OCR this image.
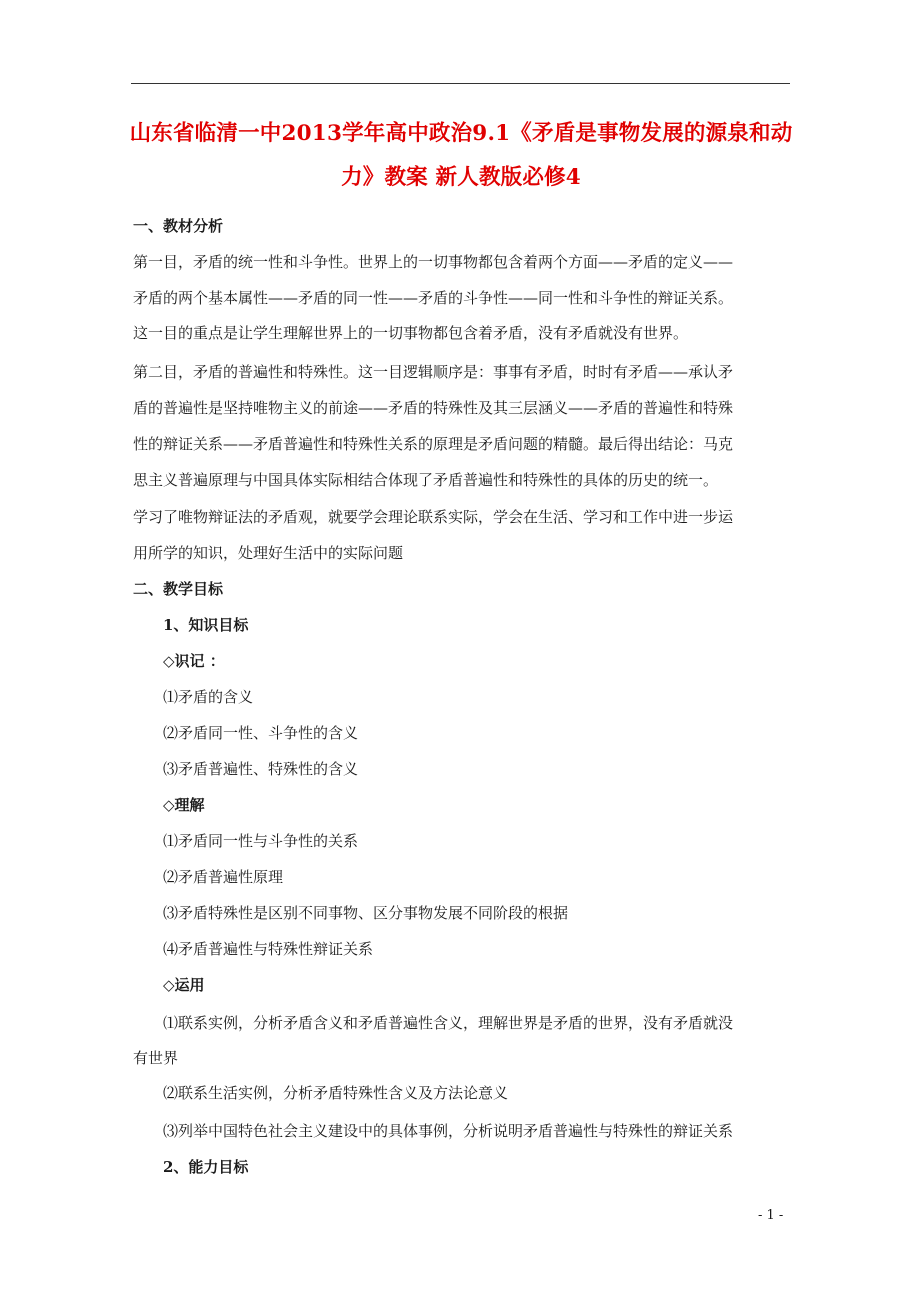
山东省临清一中2013学年高中政治9.1《矛盾是事物发展的源泉和动力》教案 新人教版必修4
一、教材分析
第一目，矛盾的统一性和斗争性。世界上的一切事物都包含着两个方面——矛盾的定义——
矛盾的两个基本属性——矛盾的同一性——矛盾的斗争性——同一性和斗争性的辩证关系。
这一目的重点是让学生理解世界上的一切事物都包含着矛盾，没有矛盾就没有世界。
第二目，矛盾的普遍性和特殊性。这一目逻辑顺序是：事事有矛盾，时时有矛盾——承认矛
盾的普遍性是坚持唯物主义的前途——矛盾的特殊性及其三层涵义——矛盾的普遍性和特殊
性的辩证关系——矛盾普遍性和特殊性关系的原理是矛盾问题的精髓。最后得出结论：马克
思主义普遍原理与中国具体实际相结合体现了矛盾普遍性和特殊性的具体的历史的统一。
学习了唯物辩证法的矛盾观，就要学会理论联系实际，学会在生活、学习和工作中进一步运
用所学的知识，处理好生活中的实际问题
二、教学目标
1、知识目标
◇识记 ：
⑴矛盾的含义
⑵矛盾同一性、斗争性的含义
⑶矛盾普遍性、特殊性的含义
◇理解
⑴矛盾同一性与斗争性的关系
⑵矛盾普遍性原理
⑶矛盾特殊性是区别不同事物、区分事物发展不同阶段的根据
⑷矛盾普遍性与特殊性辩证关系
◇运用
⑴联系实例，分析矛盾含义和矛盾普遍性含义，理解世界是矛盾的世界，没有矛盾就没
有世界
⑵联系生活实例，分析矛盾特殊性含义及方法论意义
⑶列举中国特色社会主义建设中的具体事例，分析说明矛盾普遍性与特殊性的辩证关系
2、能力目标
- 1 -
